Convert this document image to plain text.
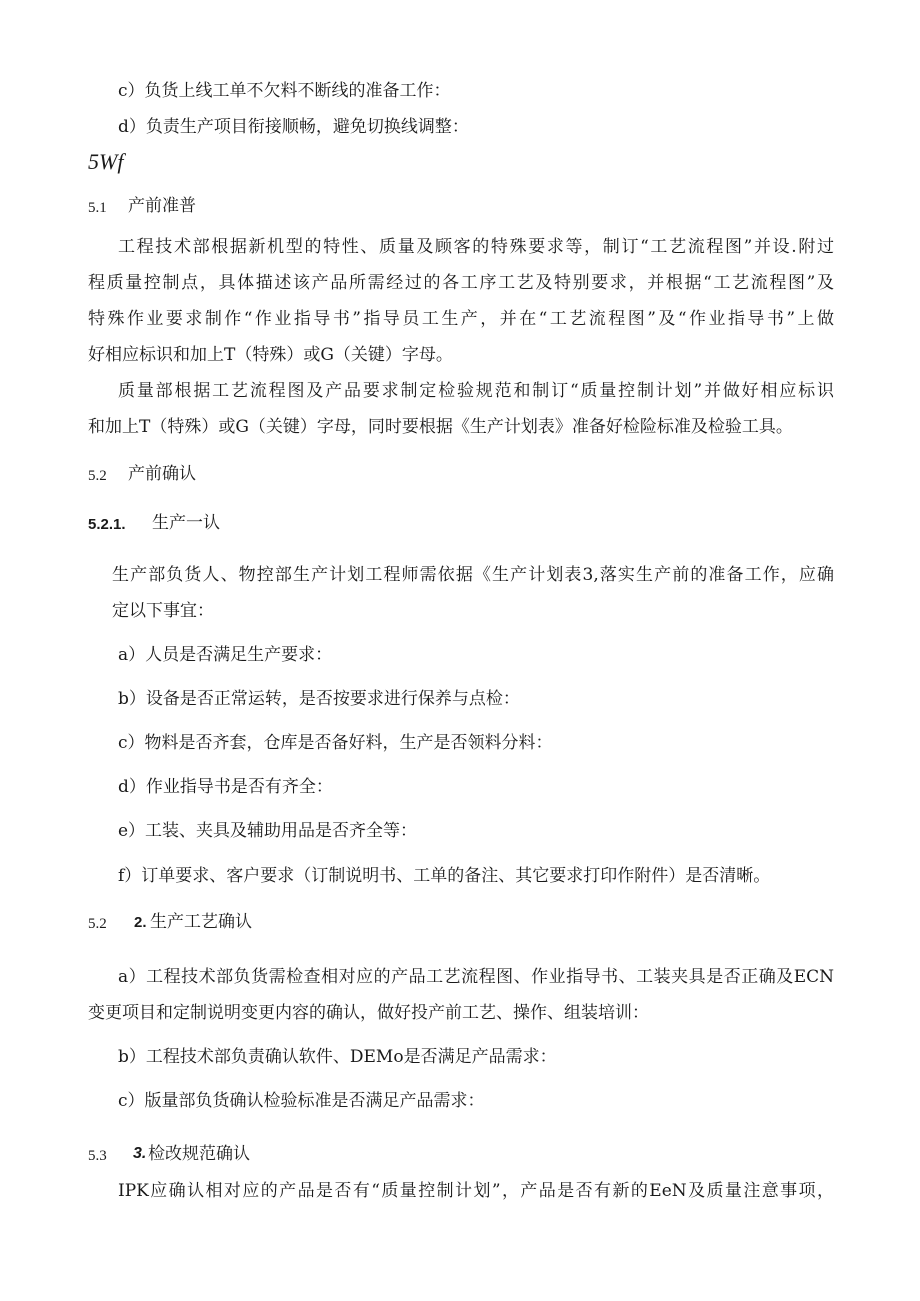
c）负货上线工单不欠料不断线的准备工作：
d）负责生产项目衔接顺畅，避免切换线调整：
5Wf
5.1 产前准普
工程技术部根据新机型的特性、质量及顾客的特殊要求等，制订“工艺流程图”并设.附过
程质量控制点，具体描述该产品所需经过的各工序工艺及特别要求，并根据“工艺流程图”及
特殊作业要求制作“作业指导书”指导员工生产，并在“工艺流程图”及“作业指导书”上做
好相应标识和加上T（特殊）或G（关键）字母。
质量部根据工艺流程图及产品要求制定检验规范和制订“质量控制计划”并做好相应标识
和加上T（特殊）或G（关键）字母，同时要根据《生产计划表》准备好检险标准及检验工具。
5.2 产前确认
5.2.1. 生产一认
生产部负货人、物控部生产计划工程师需依据《生产计划表3,落实生产前的准备工作，应确
定以下事宜：
a）人员是否满足生产要求：
b）设备是否正常运转，是否按要求进行保养与点检：
c）物料是否齐套，仓库是否备好料，生产是否领料分料：
d）作业指导书是否有齐全：
e）工装、夹具及辅助用品是否齐全等：
f）订单要求、客户要求（订制说明书、工单的备注、其它要求打印作附件）是否清晰。
5.2 2. 生产工艺确认
a）工程技术部负货需检查相对应的产品工艺流程图、作业指导书、工装夹具是否正确及ECN
变更项目和定制说明变更内容的确认，做好投产前工艺、操作、组装培训：
b）工程技术部负责确认软件、DEMo是否满足产品需求：
c）版量部负货确认检验标准是否满足产品需求：
5.3 3. 检改规范确认
IPK应确认相对应的产品是否有“质量控制计划”，产品是否有新的EeN及质量注意事项，
